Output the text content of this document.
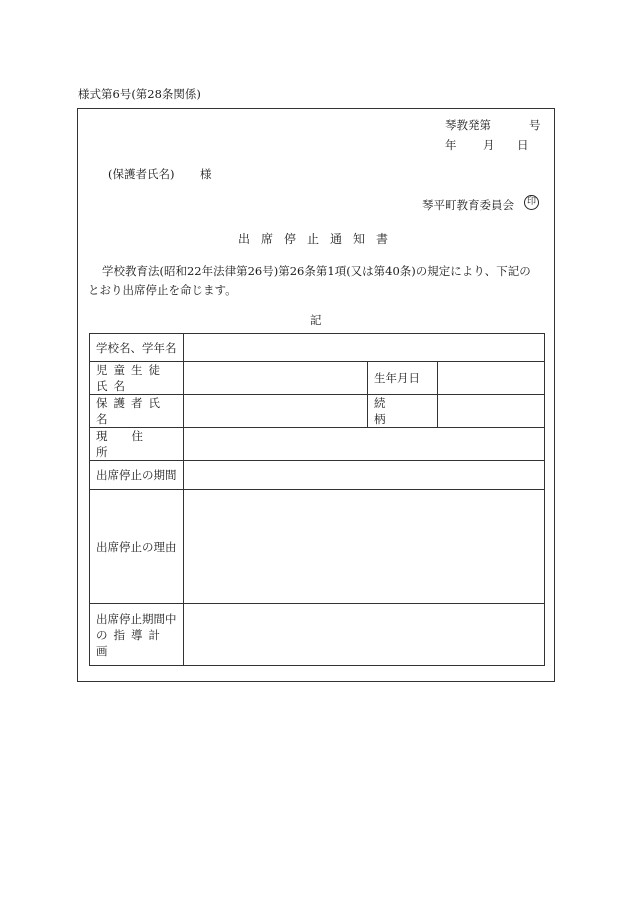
様式第6号(第28条関係)
琴教発第	号
年 月 日
(保護者氏名) 様
琴平町教育委員会	印
出席停止通知書
学校教育法(昭和22年法律第26号)第26条第1項(又は第40条)の規定により、下記のとおり出席停止を命じます。
記
学校名、学年名			
児童生徒氏名		生年月日	
保護者氏名		続柄	
現住所			
出席停止の期間			
出席停止の理由			

出席停止期間中
の指導計画			
